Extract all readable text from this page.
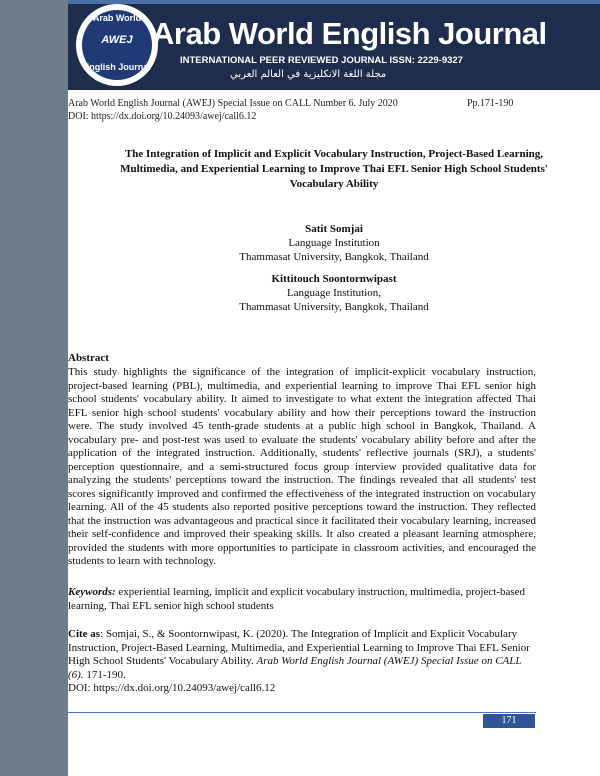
Arab World
AWEJ
English Journal
Arab World English Journal
INTERNATIONAL PEER REVIEWED JOURNAL ISSN: 2229-9327
مجلة اللغة الانكليزية في العالم العربي
Arab World English Journal (AWEJ) Special Issue on CALL Number 6. July 2020	Pp.171-190
DOI: https://dx.doi.org/10.24093/awej/call6.12
The Integration of Implicit and Explicit Vocabulary Instruction, Project-Based Learning,
Multimedia, and Experiential Learning to Improve Thai EFL Senior High School Students'
Vocabulary Ability
Satit Somjai
Language Institution
Thammasat University, Bangkok, Thailand
Kittitouch Soontornwipast
Language Institution,
Thammasat University, Bangkok, Thailand
Abstract
This study highlights the significance of the integration of implicit-explicit vocabulary instruction, project-based learning (PBL), multimedia, and experiential learning to improve Thai EFL senior high school students' vocabulary ability. It aimed to investigate to what extent the integration affected Thai EFL senior high school students' vocabulary ability and how their perceptions toward the instruction were. The study involved 45 tenth-grade students at a public high school in Bangkok, Thailand. A vocabulary pre- and post-test was used to evaluate the students' vocabulary ability before and after the application of the integrated instruction. Additionally, students' reflective journals (SRJ), a students' perception questionnaire, and a semi-structured focus group interview provided qualitative data for analyzing the students' perceptions toward the instruction. The findings revealed that all students' test scores significantly improved and confirmed the effectiveness of the integrated instruction on vocabulary learning. All of the 45 students also reported positive perceptions toward the instruction. They reflected that the instruction was advantageous and practical since it facilitated their vocabulary learning, increased their self-confidence and improved their speaking skills. It also created a pleasant learning atmosphere, provided the students with more opportunities to participate in classroom activities, and encouraged the students to learn with technology.
Keywords: experiential learning, implicit and explicit vocabulary instruction, multimedia, project-based learning, Thai EFL senior high school students
Cite as: Somjai, S., & Soontornwipast, K. (2020). The Integration of Implicit and Explicit Vocabulary Instruction, Project-Based Learning, Multimedia, and Experiential Learning to Improve Thai EFL Senior High School Students' Vocabulary Ability. Arab World English Journal (AWEJ) Special Issue on CALL (6). 171-190.
DOI: https://dx.doi.org/10.24093/awej/call6.12
171
